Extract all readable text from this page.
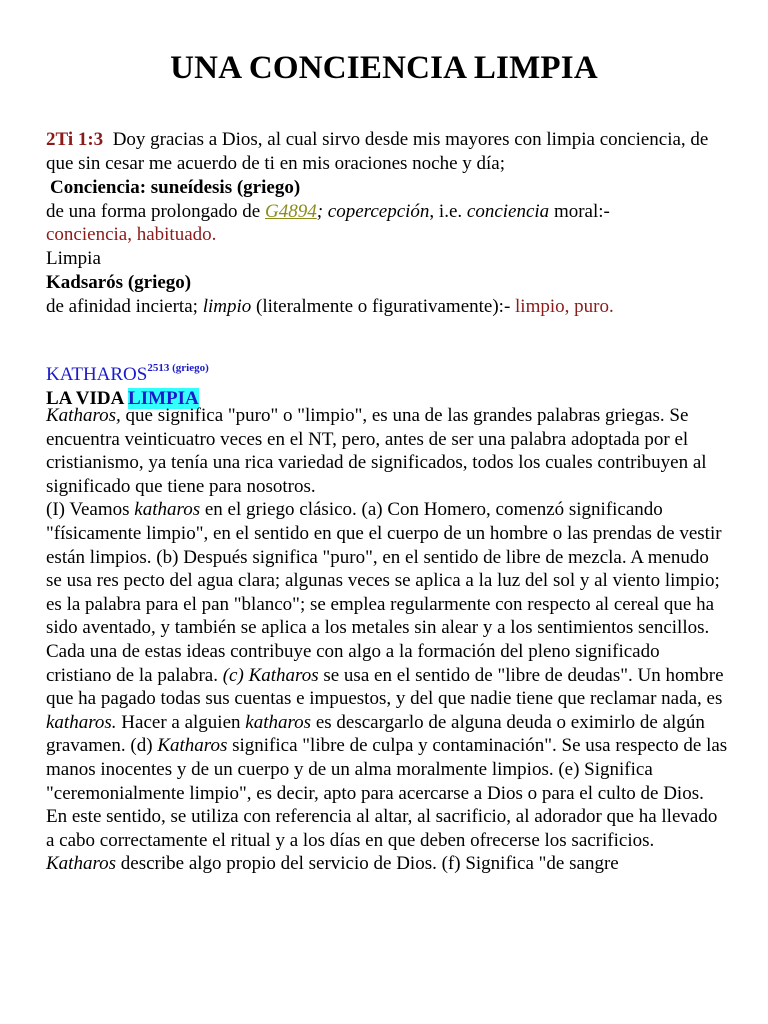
UNA CONCIENCIA LIMPIA
2Ti 1:3 Doy gracias a Dios, al cual sirvo desde mis mayores con limpia conciencia, de que sin cesar me acuerdo de ti en mis oraciones noche y día;

Conciencia: suneídesis (griego)

de una forma prolongado de G4894; copercepción, i.e. conciencia moral:-

conciencia, habituado.

Limpia

Kadsarós (griego)

de afinidad incierta; limpio (literalmente o figurativamente):- limpio, puro.

$KATHAROS^{2513 (griego)}$

LA VIDA LIMPIA

Katharos, que significa "puro" o "limpio", es una de las grandes palabras griegas. Se encuentra veinticuatro veces en el NT, pero, antes de ser una palabra adoptada por el cristianismo, ya tenía una rica variedad de significados, todos los cuales contribuyen al significado que tiene para nosotros.

(I) Veamos katharos en el griego clásico. (a) Con Homero, comenzó significando "físicamente limpio", en el sentido en que el cuerpo de un hombre o las prendas de vestir están limpios. (b) Después significa "puro", en el sentido de libre de mezcla. A menudo se usa res pecto del agua clara; algunas veces se aplica a la luz del sol y al viento limpio; es la palabra para el pan "blanco"; se emplea regularmente con respecto al cereal que ha sido aventado, y también se aplica a los metales sin alear y a los sentimientos sencillos. Cada una de estas ideas contribuye con algo a la formación del pleno significado cristiano de la palabra. (c) Katharos se usa en el sentido de "libre de deudas". Un hombre que ha pagado todas sus cuentas e impuestos, y del que nadie tiene que reclamar nada, es katharos. Hacer a alguien katharos es descargarlo de alguna deuda o eximirlo de algún gravamen. (d) Katharos significa "libre de culpa y contaminación". Se usa respecto de las manos inocentes y de un cuerpo y de un alma moralmente limpios. (e) Significa "ceremonialmente limpio", es decir, apto para acercarse a Dios o para el culto de Dios. En este sentido, se utiliza con referencia al altar, al sacrificio, al adorador que ha llevado a cabo correctamente el ritual y a los días en que deben ofrecerse los sacrificios. Katharos describe algo propio del servicio de Dios. (f) Significa "de sangre
